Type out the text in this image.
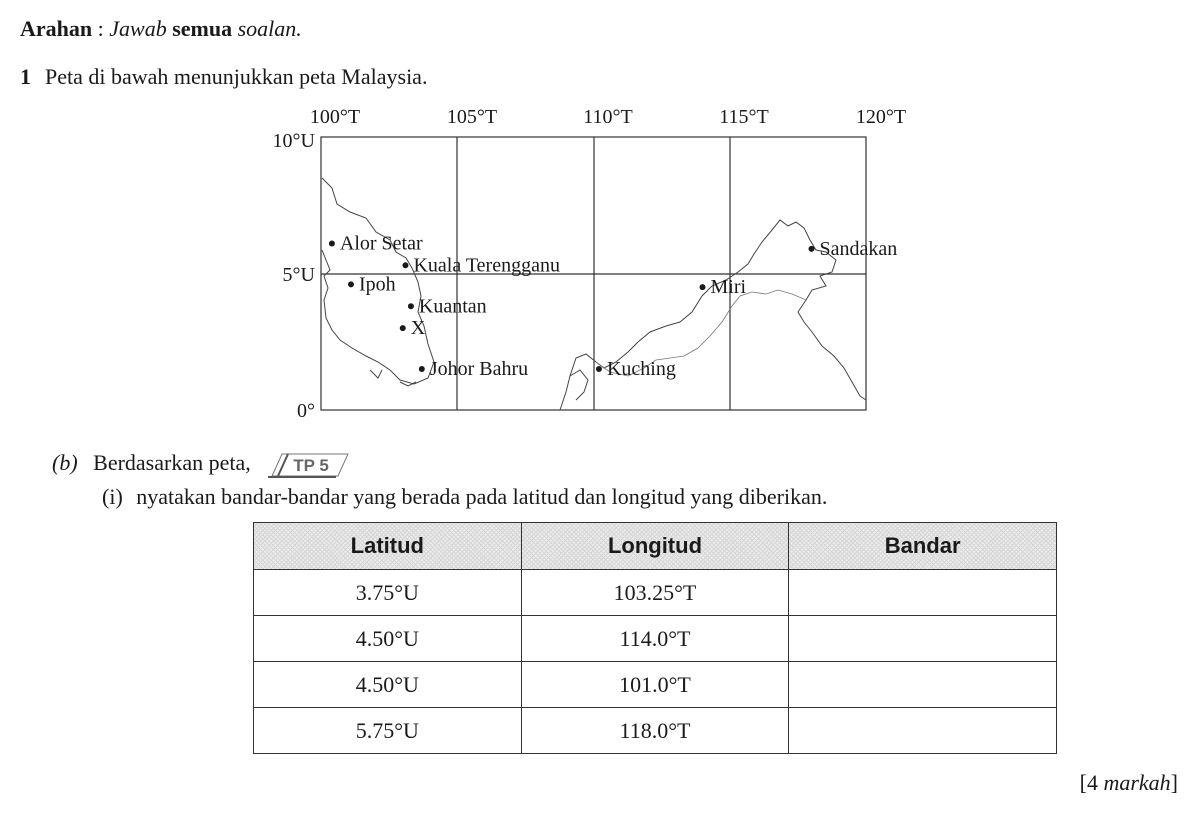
Arahan : Jawab semua soalan.
1 Peta di bawah menunjukkan peta Malaysia.
100°T	105°T	110°T	115°T	120°T
10°U
5°U
0°
Alor Setar
Kuala Terengganu
Ipoh
Kuantan
X
Johor Bahru	Kuching
Miri
Sandakan
(b) Berdasarkan peta,	TP 5
(i) nyatakan bandar-bandar yang berada pada latitud dan longitud yang diberikan.
Latitud	Longitud	Bandar
3.75°U	103.25°T	
4.50°U	114.0°T	
4.50°U	101.0°T	
5.75°U	118.0°T	
[4 markah]
